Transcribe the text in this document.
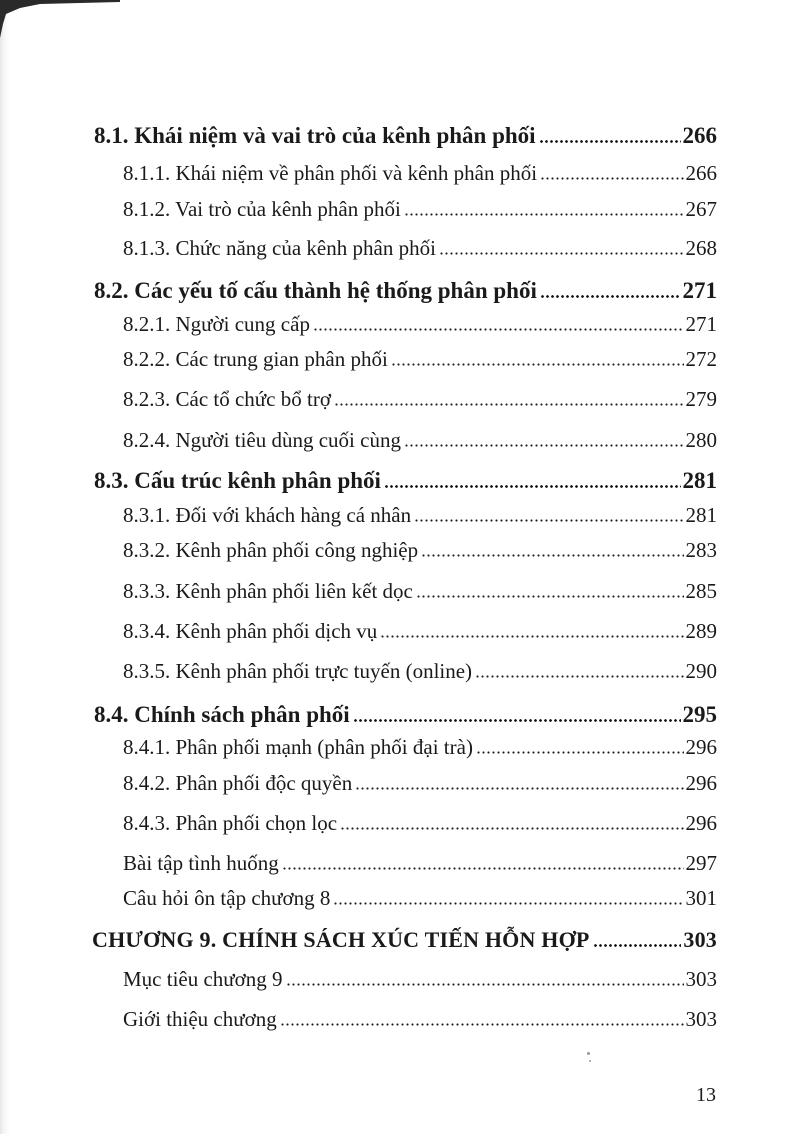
8.1. Khái niệm và vai trò của kênh phân phối	266
8.1.1. Khái niệm về phân phối và kênh phân phối	266
8.1.2. Vai trò của kênh phân phối	267
8.1.3. Chức năng của kênh phân phối	268
8.2. Các yếu tố cấu thành hệ thống phân phối	271
8.2.1. Người cung cấp	271
8.2.2. Các trung gian phân phối	272
8.2.3. Các tổ chức bổ trợ	279
8.2.4. Người tiêu dùng cuối cùng	280
8.3. Cấu trúc kênh phân phối	281
8.3.1. Đối với khách hàng cá nhân	281
8.3.2. Kênh phân phối công nghiệp	283
8.3.3. Kênh phân phối liên kết dọc	285
8.3.4. Kênh phân phối dịch vụ	289
8.3.5. Kênh phân phối trực tuyến (online)	290
8.4. Chính sách phân phối	295
8.4.1. Phân phối mạnh (phân phối đại trà)	296
8.4.2. Phân phối độc quyền	296
8.4.3. Phân phối chọn lọc	296
Bài tập tình huống	297
Câu hỏi ôn tập chương 8	301
CHƯƠNG 9. CHÍNH SÁCH XÚC TIẾN HỖN HỢP	303
Mục tiêu chương 9	303
Giới thiệu chương	303
13
